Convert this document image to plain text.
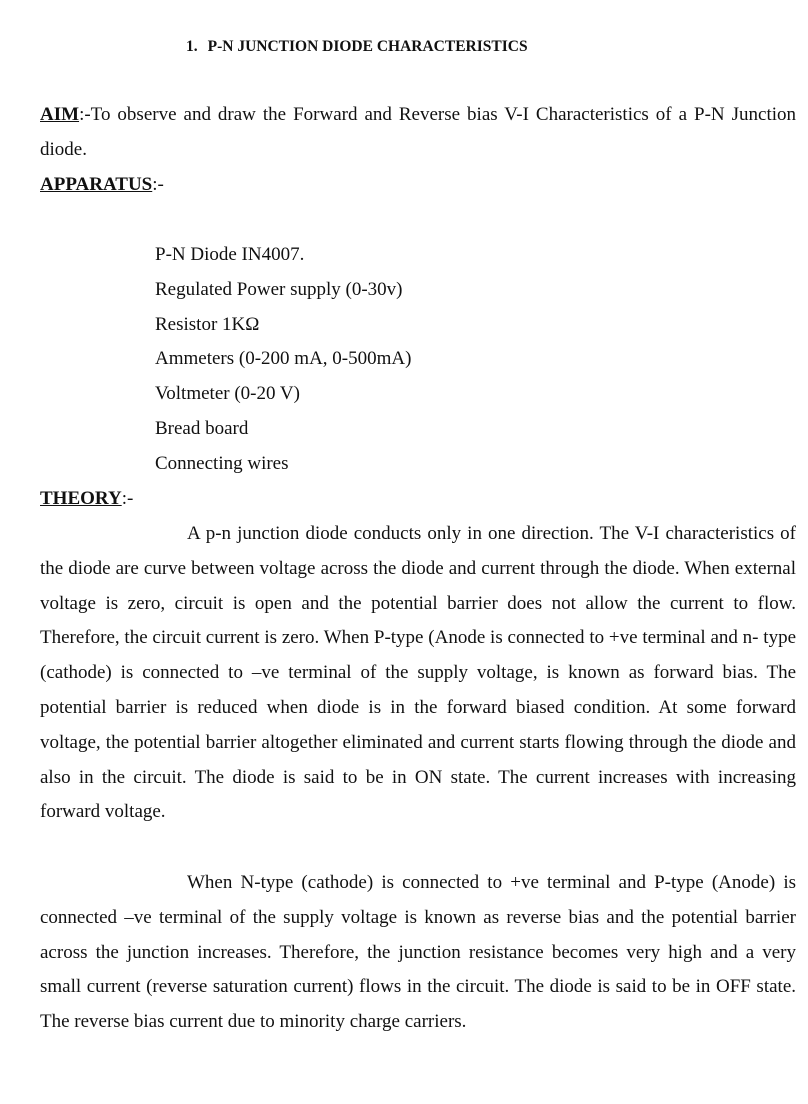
1. P-N JUNCTION DIODE CHARACTERISTICS

AIM:-To observe and draw the Forward and Reverse bias V-I Characteristics of a P-N Junction diode.

APPARATUS:-
P-N Diode IN4007.
Regulated Power supply (0-30v)
Resistor 1KΩ
Ammeters (0-200 mA, 0-500mA)
Voltmeter (0-20 V)
Bread board
Connecting wires
THEORY:-

A p-n junction diode conducts only in one direction. The V-I characteristics of the diode are curve between voltage across the diode and current through the diode. When external voltage is zero, circuit is open and the potential barrier does not allow the current to flow. Therefore, the circuit current is zero. When P-type (Anode is connected to +ve terminal and n- type (cathode) is connected to –ve terminal of the supply voltage, is known as forward bias. The potential barrier is reduced when diode is in the forward biased condition. At some forward voltage, the potential barrier altogether eliminated and current starts flowing through the diode and also in the circuit. The diode is said to be in ON state. The current increases with increasing forward voltage.

When N-type (cathode) is connected to +ve terminal and P-type (Anode) is connected –ve terminal of the supply voltage is known as reverse bias and the potential barrier across the junction increases. Therefore, the junction resistance becomes very high and a very small current (reverse saturation current) flows in the circuit. The diode is said to be in OFF state. The reverse bias current due to minority charge carriers.
